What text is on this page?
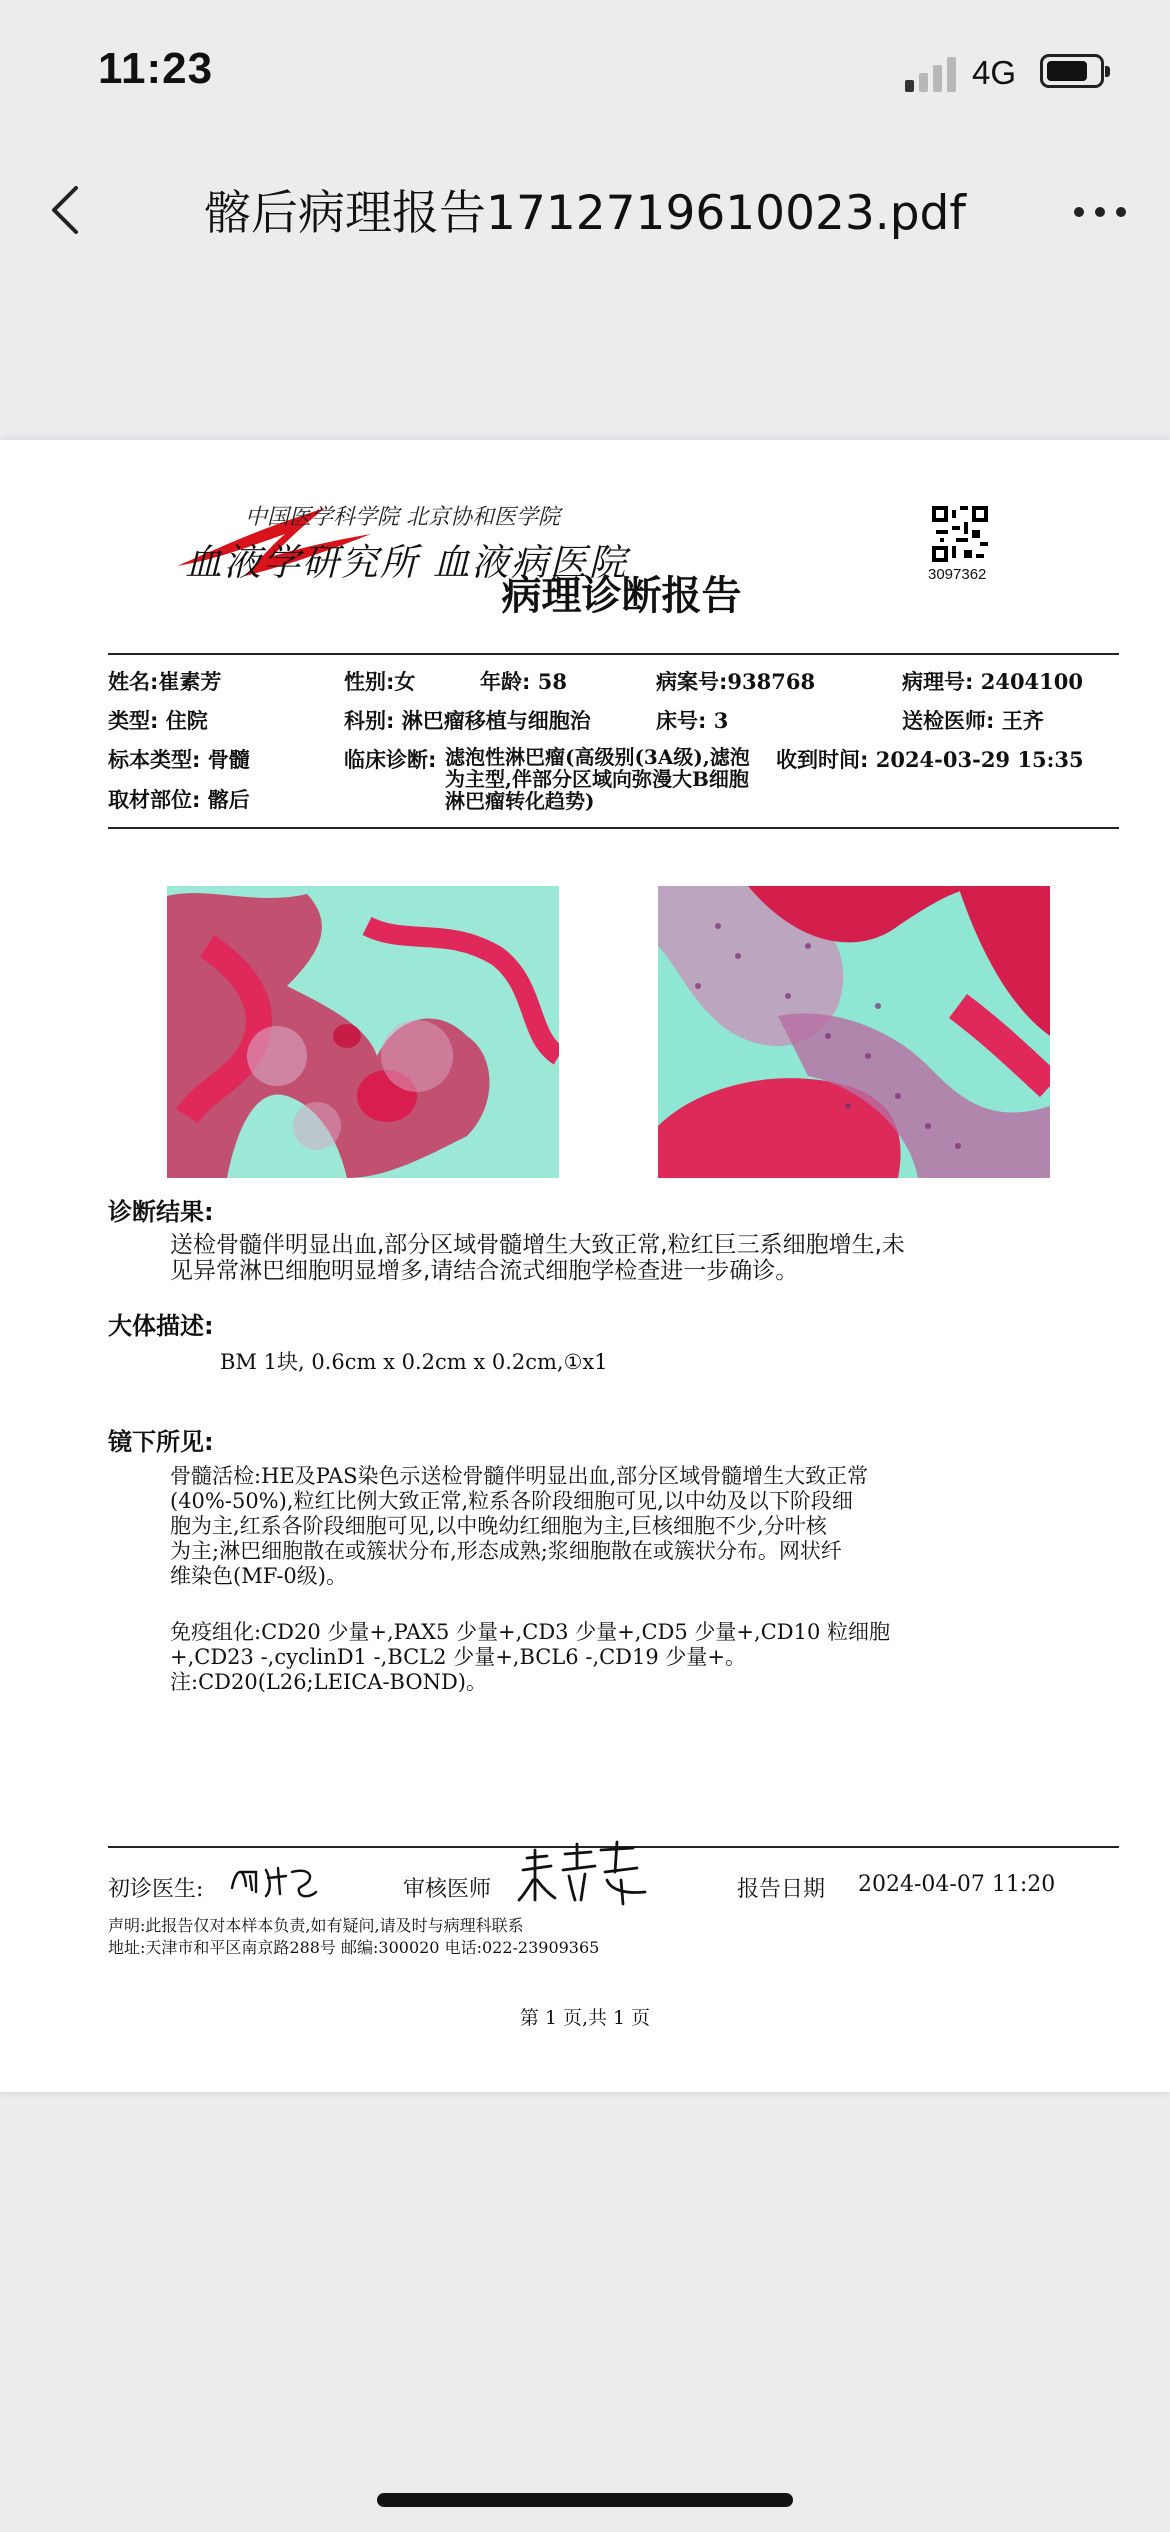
11:23	4G
髂后病理报告1712719610023.pdf
中国医学科学院 北京协和医学院
血液学研究所 血液病医院
病理诊断报告	3097362
姓名:崔素芳	性别:女	年龄: 58	病案号:938768	病理号: 2404100
类型: 住院	科别: 淋巴瘤移植与细胞治	床号: 3	送检医师: 王齐
标本类型: 骨髓	临床诊断: 滤泡性淋巴瘤(高级别(3A级),滤泡为主型,伴部分区域向弥漫大B细胞淋巴瘤转化趋势)
收到时间: 2024-03-29 15:35
取材部位: 髂后
诊断结果:
送检骨髓伴明显出血,部分区域骨髓增生大致正常,粒红巨三系细胞增生,未
见异常淋巴细胞明显增多,请结合流式细胞学检查进一步确诊。
大体描述:
BM 1块, 0.6cm x 0.2cm x 0.2cm,①x1
镜下所见:
骨髓活检:HE及PAS染色示送检骨髓伴明显出血,部分区域骨髓增生大致正常
(40%-50%),粒红比例大致正常,粒系各阶段细胞可见,以中幼及以下阶段细
胞为主,红系各阶段细胞可见,以中晚幼红细胞为主,巨核细胞不少,分叶核
为主;淋巴细胞散在或簇状分布,形态成熟;浆细胞散在或簇状分布。网状纤
维染色(MF-0级)。
免疫组化:CD20 少量+,PAX5 少量+,CD3 少量+,CD5 少量+,CD10 粒细胞
+,CD23 -,cyclinD1 -,BCL2 少量+,BCL6 -,CD19 少量+。
注:CD20(L26;LEICA-BOND)。
初诊医生:	审核医师	报告日期 2024-04-07 11:20
声明:此报告仅对本样本负责,如有疑问,请及时与病理科联系
地址:天津市和平区南京路288号 邮编:300020 电话:022-23909365
第 1 页,共 1 页
